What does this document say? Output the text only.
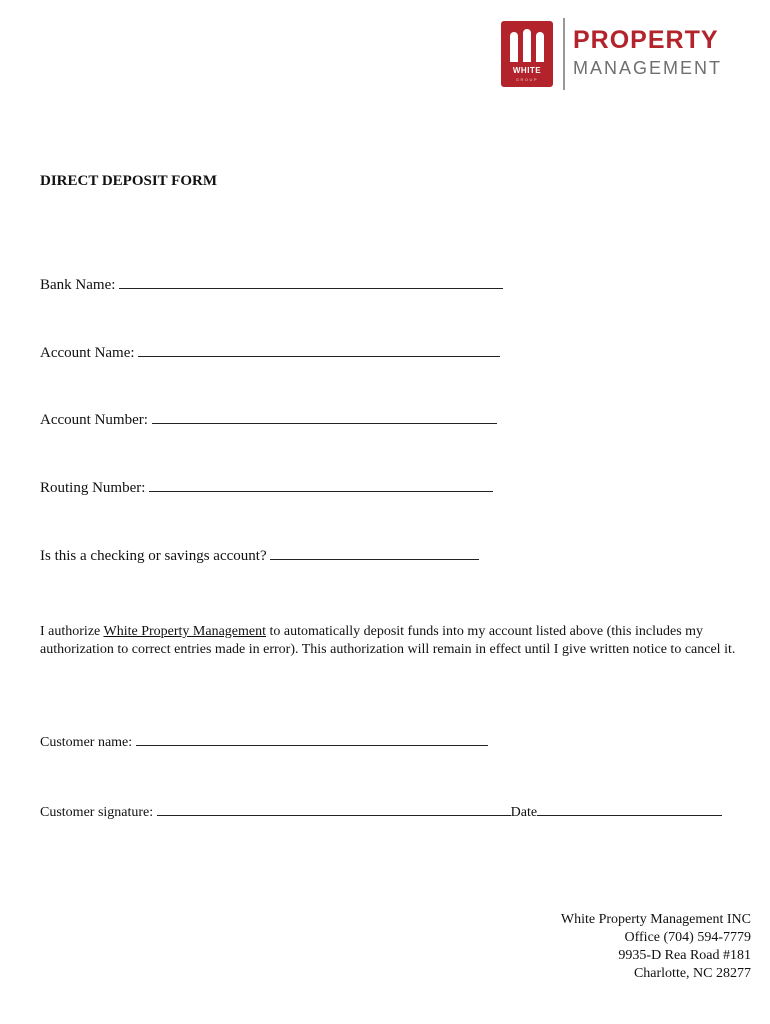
WHITE
GROUP
PROPERTY
MANAGEMENT
DIRECT DEPOSIT FORM
Bank Name:
Account Name:
Account Number:
Routing Number:
Is this a checking or savings account?
I authorize White Property Management to automatically deposit funds into my account listed above (this includes my authorization to correct entries made in error). This authorization will remain in effect until I give written notice to cancel it.
Customer name:
Customer signature:	Date
White Property Management INC
Office (704) 594-7779
9935-D Rea Road #181
Charlotte, NC 28277
